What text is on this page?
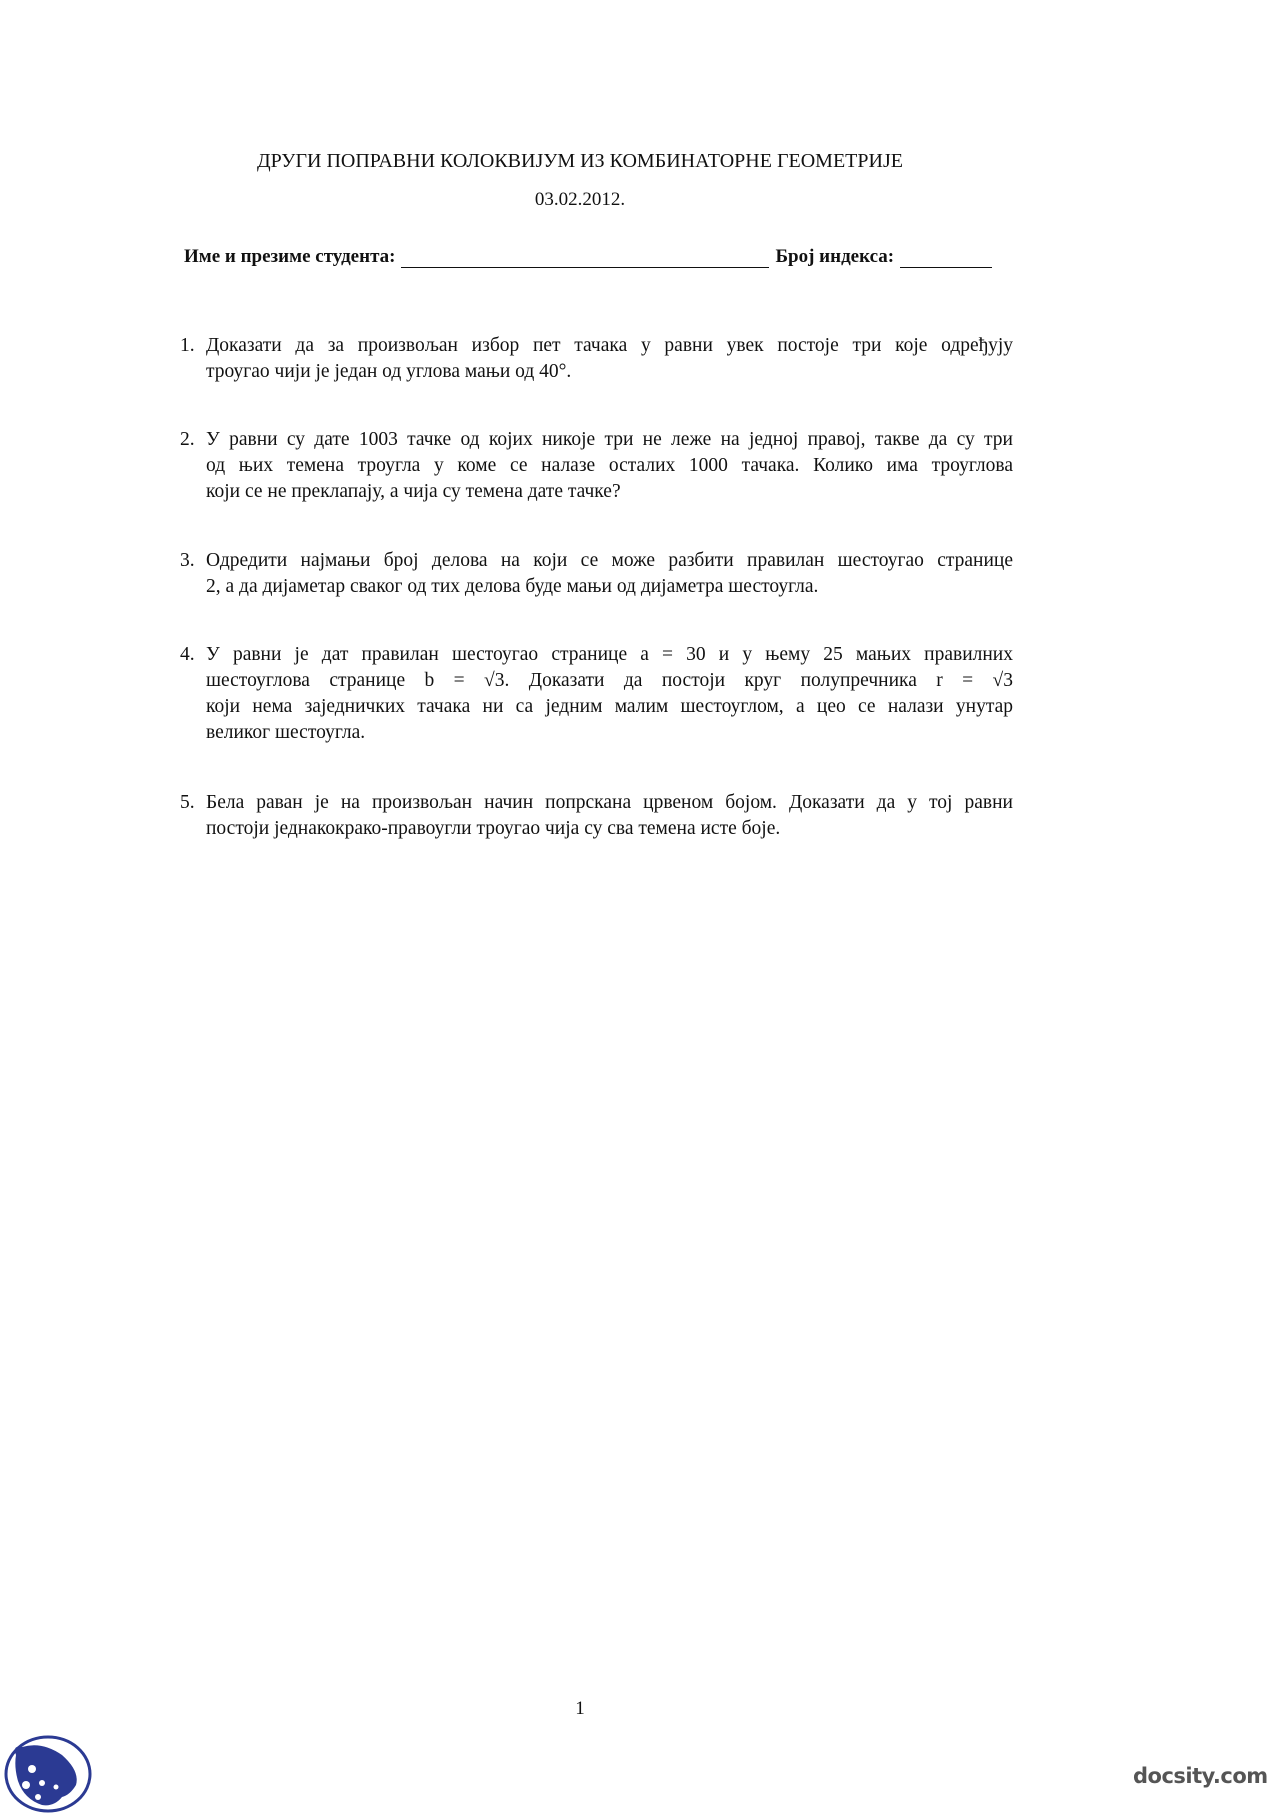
ДРУГИ ПОПРАВНИ КОЛОКВИЈУМ ИЗ КОМБИНАТОРНЕ ГЕОМЕТРИЈЕ
03.02.2012.
Име и презиме студента:	Број индекса:
1. Доказати да за произвољан избор пет тачака у равни увек постоје три које одређују
троугао чији је један од углова мањи од 40°.
2. У равни су дате 1003 тачке од којих никоје три не леже на једној правој, такве да су три
од њих темена троугла у коме се налазе осталих 1000 тачака. Колико има троуглова
који се не преклапају, а чија су темена дате тачке?
3. Одредити најмањи број делова на који се може разбити правилан шестоугао странице
2, а да дијаметар сваког од тих делова буде мањи од дијаметра шестоугла.
4. У равни је дат правилан шестоугао странице a = 30 и у њему 25 мањих правилних
шестоуглова странице b = √3. Доказати да постоји круг полупречника r = √3
који нема заједничких тачака ни са једним малим шестоуглом, а цео се налази унутар
великог шестоугла.
5. Бела раван је на произвољан начин попрскана црвеном бојом. Доказати да у тој равни
постоји једнакокрако-правоугли троугао чија су сва темена исте боје.
1
docsity.com
